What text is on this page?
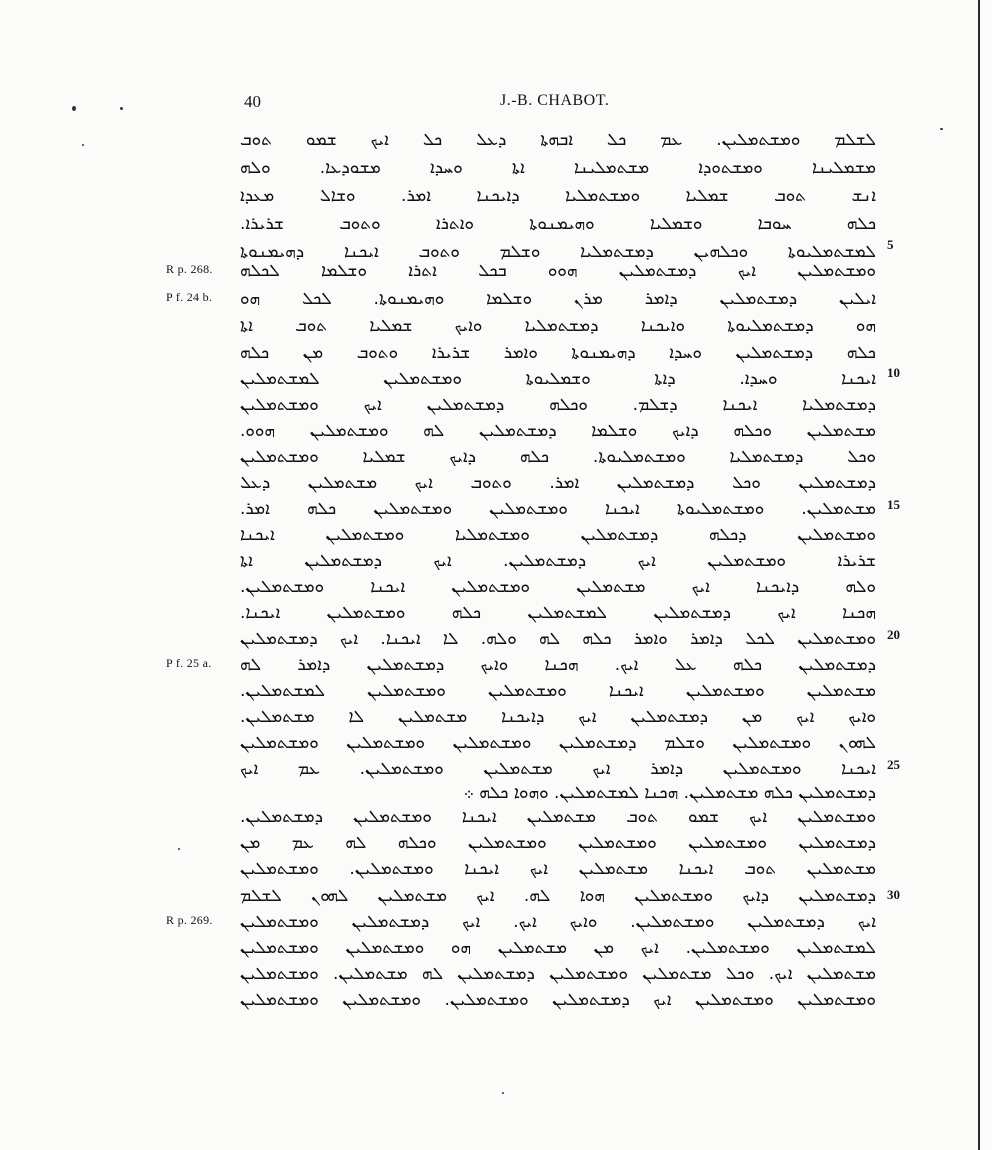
40	J.-B. CHABOT.
ܠܫܠܡ ܘܡܫܬܡܠܝܢ. ܥܡ ܟܠ ܐܒܗܬܐ ܕܥܠ ܟܠ ܐܝܟ ܫܡܘ ܬܘܒ
ܡܫܡܠܝܢܐ ܘܡܫܬܘܕܐ ܡܫܬܡܠܝܢܐ ܐܬܐ ܘܚܕܐ ܡܫܘܕܥܐ. ܘܠܗ
ܐܢܫ ܬܘܒ ܫܡܠܝܐ ܘܡܫܬܡܠܝܐ ܕܐܝܟܢܐ ܐܡܪ. ܘܫܐܠ ܡܥܕܐ
ܟܠܗ ܚܘܒܐ ܘܫܡܠܝܐ ܘܗܝܡܢܘܬܐ ܘܐܬܪܐ ܘܬܘܒ ܫܪܝܪܐ.
ܠܡܫܬܡܠܝܘܬܐ ܘܟܠܗܝܢ ܕܡܫܬܡܠܝܐ ܘܫܠܡ ܘܬܘܒ ܐܝܟܢܐ ܕܗܝܡܢܘܬܐ
ܘܡܫܬܡܠܝܢ ܐܝܟ ܕܡܫܬܡܠܝܢ ܗܘܘ ܒܟܠ ܐܬܪܐ ܘܫܠܡܐ ܠܟܠܗ
ܐܝܠܝܢ ܕܡܫܬܡܠܝܢ ܕܐܡܪ ܡܪܢ ܘܫܠܡܐ ܘܗܝܡܢܘܬܐ. ܠܟܠ ܗܘ
ܗܘ ܕܡܫܬܡܠܝܘܬܐ ܘܐܝܟܢܐ ܕܡܫܬܡܠܝܐ ܘܐܝܟ ܫܡܠܝܐ ܬܘܒ ܐܬܐ
ܟܠܗ ܕܡܫܬܡܠܝܢ ܘܚܕܐ ܕܗܝܡܢܘܬܐ ܘܐܡܪ ܫܪܝܪܐ ܘܬܘܒ ܡܢ ܟܠܗ
ܐܝܟܢܐ ܘܚܕܐ. ܕܐܬܐ ܘܫܡܠܝܘܬܐ ܘܡܫܬܡܠܝܢ ܠܡܫܬܡܠܝܢ
ܕܡܫܬܡܠܝܐ ܐܝܟܢܐ ܕܫܠܡ. ܘܟܠܗ ܕܡܫܬܡܠܝܢ ܐܝܟ ܘܡܫܬܡܠܝܢ
ܡܫܬܡܠܝܢ ܘܟܠܗ ܕܐܝܟ ܘܫܠܡܐ ܕܡܫܬܡܠܝܢ ܠܗ ܘܡܫܬܡܠܝܢ ܗܘܘ.
ܘܟܠ ܕܡܫܬܡܠܝܐ ܘܡܫܬܡܠܝܘܬܐ. ܟܠܗ ܕܐܝܟ ܫܡܠܝܐ ܘܡܫܬܡܠܝܢ
ܕܡܫܬܡܠܝܢ ܘܟܠ ܕܡܫܬܡܠܝܢ ܐܡܪ. ܘܬܘܒ ܐܝܟ ܡܫܬܡܠܝܢ ܕܥܠ
ܡܫܬܡܠܝܢ. ܘܡܫܬܡܠܝܘܬܐ ܐܝܟܢܐ ܘܡܫܬܡܠܝܢ ܘܡܫܬܡܠܝܢ ܟܠܗ ܐܡܪ.
ܘܡܫܬܡܠܝܢ ܕܟܠܗ ܕܡܫܬܡܠܝܢ ܘܡܫܬܡܠܝܐ ܘܡܫܬܡܠܝܢ ܐܝܟܢܐ
ܫܪܝܪܐ ܘܡܫܬܡܠܝܢ ܐܝܟ ܕܡܫܬܡܠܝܢ. ܐܝܟ ܕܡܫܬܡܠܝܢ ܐܬܐ
ܘܠܗ ܕܐܝܟܢܐ ܐܝܟ ܡܫܬܡܠܝܢ ܘܡܫܬܡܠܝܢ ܐܝܟܢܐ ܘܡܫܬܡܠܝܢ.
ܗܟܢܐ ܐܝܟ ܕܡܫܬܡܠܝܢ ܠܡܫܬܡܠܝܢ ܟܠܗ ܘܡܫܬܡܠܝܢ ܐܝܟܢܐ.
ܘܡܫܬܡܠܝܢ ܠܟܠ ܕܐܡܪ ܘܐܡܪ ܟܠܗ ܠܗ ܘܠܗ. ܠܐ ܐܝܟܢܐ. ܐܝܟ ܕܡܫܬܡܠܝܢ
ܕܡܫܬܡܠܝܢ ܟܠܗ ܥܠ ܐܝܟ. ܗܟܢܐ ܘܐܝܟ ܕܡܫܬܡܠܝܢ ܕܐܡܪ ܠܗ
ܡܫܬܡܠܝܢ ܘܡܫܬܡܠܝܢ ܐܝܟܢܐ ܘܡܫܬܡܠܝܢ ܘܡܫܬܡܠܝܢ ܠܡܫܬܡܠܝܢ.
ܘܐܝܟ ܐܝܟ ܡܢ ܕܡܫܬܡܠܝܢ ܐܝܟ ܕܐܝܟܢܐ ܡܫܬܡܠܝܢ ܠܐ ܡܫܬܡܠܝܢ.
ܠܗܘܢ ܘܡܫܬܡܠܝܢ ܘܫܠܡ ܕܡܫܬܡܠܝܢ ܘܡܫܬܡܠܝܢ ܘܡܫܬܡܠܝܢ ܘܡܫܬܡܠܝܢ
ܐܝܟܢܐ ܘܡܫܬܡܠܝܢ ܕܐܡܪ ܐܝܟ ܡܫܬܡܠܝܢ ܘܡܫܬܡܠܝܢ. ܥܡ ܐܝܟ
ܕܡܫܬܡܠܝܢ ܟܠܗ ܡܫܬܡܠܝܢ. ܗܟܢܐ ܠܡܫܬܡܠܝܢ. ܘܗܘܐ ܟܠܗ ܀
ܘܡܫܬܡܠܝܢ ܐܝܟ ܫܡܘ ܬܘܒ ܡܫܬܡܠܝܢ ܐܝܟܢܐ ܘܡܫܬܡܠܝܢ ܕܡܫܬܡܠܝܢ.
ܕܡܫܬܡܠܝܢ ܘܡܫܬܡܠܝܢ ܘܡܫܬܡܠܝܢ ܘܡܫܬܡܠܝܢ ܘܟܠܗ ܠܗ ܥܡ ܡܢ
ܡܫܬܡܠܝܢ ܬܘܒ ܐܝܟܢܐ ܡܫܬܡܠܝܢ ܐܝܟ ܐܝܟܢܐ ܘܡܫܬܡܠܝܢ. ܘܡܫܬܡܠܝܢ
ܕܡܫܬܡܠܝܢ ܕܐܝܟ ܘܡܫܬܡܠܝܢ ܗܘܐ ܠܗ. ܐܝܟ ܡܫܬܡܠܝܢ ܠܗܘܢ ܠܫܠܡ
ܐܝܟ ܕܡܫܬܡܠܝܢ ܘܡܫܬܡܠܝܢ. ܘܐܝܟ ܐܝܟ. ܐܝܟ ܕܡܫܬܡܠܝܢ ܘܡܫܬܡܠܝܢ
ܠܡܫܬܡܠܝܢ ܘܡܫܬܡܠܝܢ. ܐܝܟ ܡܢ ܡܫܬܡܠܝܢ ܗܘ ܘܡܫܬܡܠܝܢ ܘܡܫܬܡܠܝܢ
ܡܫܬܡܠܝܢ ܐܝܟ. ܘܟܠ ܡܫܬܡܠܝܢ ܘܡܫܬܡܠܝܢ ܕܡܫܬܡܠܝܢ ܠܗ ܡܫܬܡܠܝܢ. ܘܡܫܬܡܠܝܢ
ܘܡܫܬܡܠܝܢ ܘܡܫܬܡܠܝܢ ܐܝܟ ܕܡܫܬܡܠܝܢ ܘܡܫܬܡܠܝܢ. ܘܡܫܬܡܠܝܢ ܘܡܫܬܡܠܝܢ
5
10
15
20
25
30
R p. 268.
P f. 24 b.
P f. 25 a.
R p. 269.
